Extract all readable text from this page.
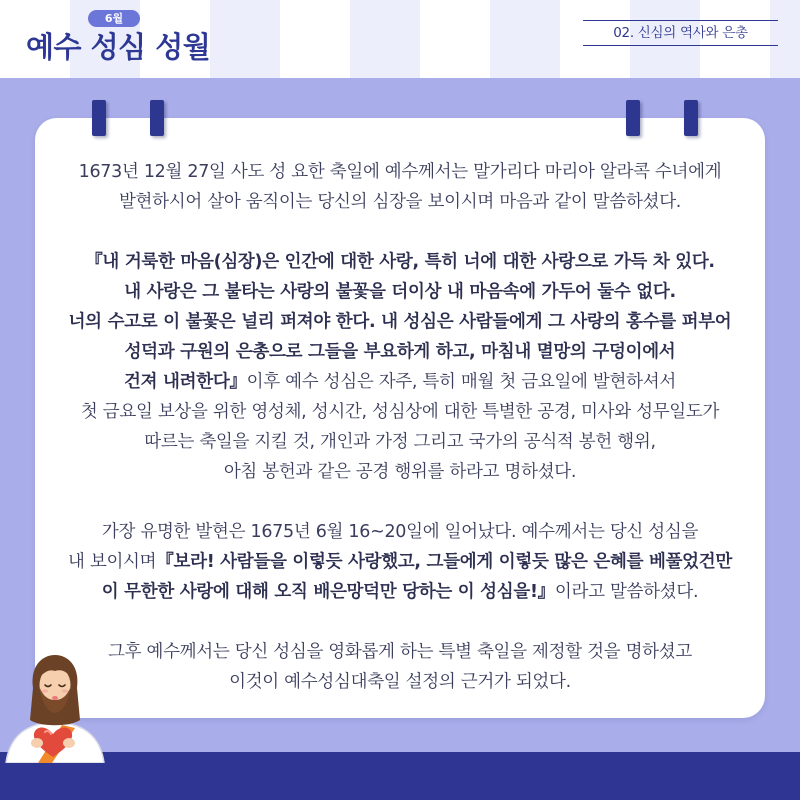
6월
예수 성심 성월	02. 신심의 역사와 은총
1673년 12월 27일 사도 성 요한 축일에 예수께서는 말가리다 마리아 알라콕 수녀에게
발현하시어 살아 움직이는 당신의 심장을 보이시며 마음과 같이 말씀하셨다.
『내 거룩한 마음(심장)은 인간에 대한 사랑, 특히 너에 대한 사랑으로 가득 차 있다.
내 사랑은 그 불타는 사랑의 불꽃을 더이상 내 마음속에 가두어 둘수 없다.
너의 수고로 이 불꽃은 널리 퍼져야 한다. 내 성심은 사람들에게 그 사랑의 홍수를 퍼부어
성덕과 구원의 은총으로 그들을 부요하게 하고, 마침내 멸망의 구덩이에서
건져 내려한다』이후 예수 성심은 자주, 특히 매월 첫 금요일에 발현하셔서
첫 금요일 보상을 위한 영성체, 성시간, 성심상에 대한 특별한 공경, 미사와 성무일도가
따르는 축일을 지킬 것, 개인과 가정 그리고 국가의 공식적 봉헌 행위,
아침 봉헌과 같은 공경 행위를 하라고 명하셨다.
가장 유명한 발현은 1675년 6월 16~20일에 일어났다. 예수께서는 당신 성심을
내 보이시며『보라! 사람들을 이렇듯 사랑했고, 그들에게 이렇듯 많은 은혜를 베풀었건만
이 무한한 사랑에 대해 오직 배은망덕만 당하는 이 성심을!』이라고 말씀하셨다.
그후 예수께서는 당신 성심을 영화롭게 하는 특별 축일을 제정할 것을 명하셨고
이것이 예수성심대축일 설정의 근거가 되었다.
